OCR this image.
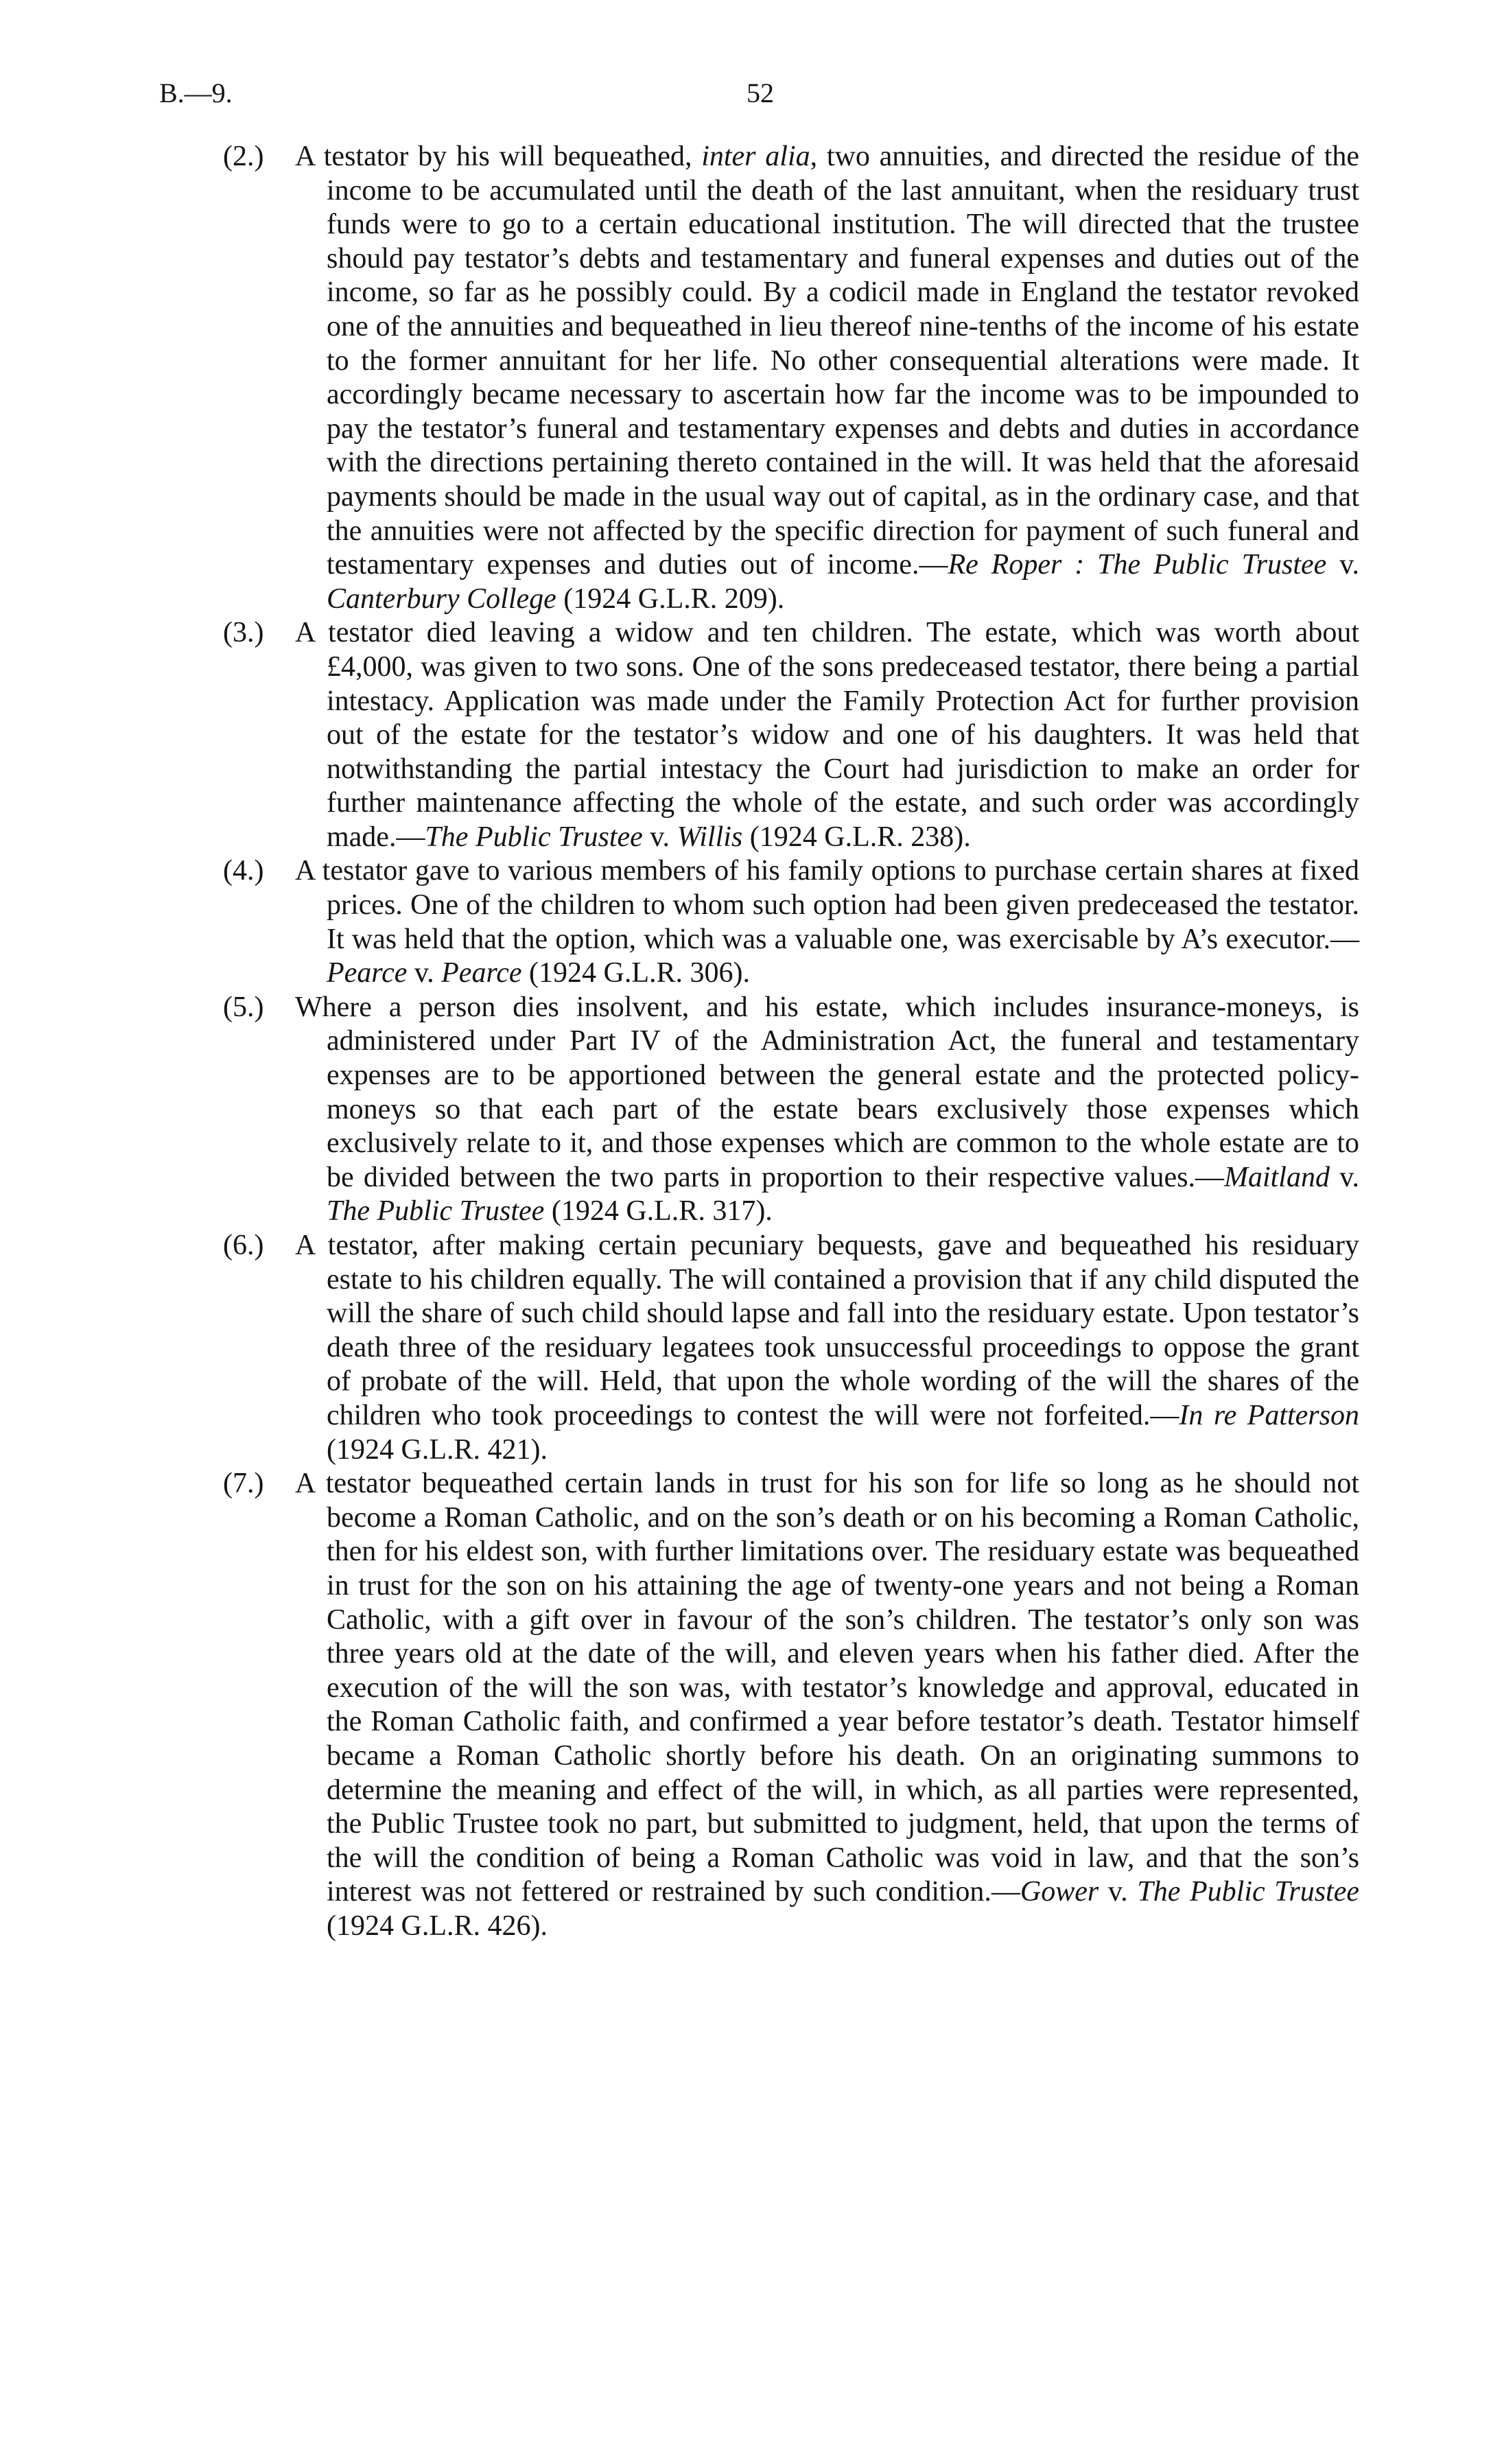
B.—9.	52
(2.)	A testator by his will bequeathed, inter alia, two annuities, and directed the residue of the income to be accumulated until the death of the last annuitant, when the residuary trust funds were to go to a certain educational institution. The will directed that the trustee should pay testator’s debts and testamentary and funeral expenses and duties out of the income, so far as he possibly could. By a codicil made in England the testator revoked one of the annuities and bequeathed in lieu thereof nine-tenths of the income of his estate to the former annuitant for her life. No other consequential alterations were made. It accordingly became necessary to ascertain how far the income was to be impounded to pay the testator’s funeral and testamentary expenses and debts and duties in accordance with the directions pertaining thereto contained in the will. It was held that the aforesaid payments should be made in the usual way out of capital, as in the ordinary case, and that the annuities were not affected by the specific direction for payment of such funeral and testamentary expenses and duties out of income.—Re Roper : The Public Trustee v. Canterbury College (1924 G.L.R. 209).
(3.)	A testator died leaving a widow and ten children. The estate, which was worth about £4,000, was given to two sons. One of the sons predeceased testator, there being a partial intestacy. Application was made under the Family Protection Act for further provision out of the estate for the testator’s widow and one of his daughters. It was held that notwithstanding the partial intestacy the Court had jurisdiction to make an order for further maintenance affecting the whole of the estate, and such order was accordingly made.—The Public Trustee v. Willis (1924 G.L.R. 238).
(4.)	A testator gave to various members of his family options to purchase certain shares at fixed prices. One of the children to whom such option had been given predeceased the testator. It was held that the option, which was a valuable one, was exercisable by A’s executor.—Pearce v. Pearce (1924 G.L.R. 306).
(5.)	Where a person dies insolvent, and his estate, which includes insurance-moneys, is administered under Part IV of the Administration Act, the funeral and testamentary expenses are to be apportioned between the general estate and the protected policy-moneys so that each part of the estate bears exclusively those expenses which exclusively relate to it, and those expenses which are common to the whole estate are to be divided between the two parts in proportion to their respective values.—Maitland v. The Public Trustee (1924 G.L.R. 317).
(6.)	A testator, after making certain pecuniary bequests, gave and bequeathed his residuary estate to his children equally. The will contained a provision that if any child disputed the will the share of such child should lapse and fall into the residuary estate. Upon testator’s death three of the residuary legatees took unsuccessful proceedings to oppose the grant of probate of the will. Held, that upon the whole wording of the will the shares of the children who took proceedings to contest the will were not forfeited.—In re Patterson (1924 G.L.R. 421).
(7.)	A testator bequeathed certain lands in trust for his son for life so long as he should not become a Roman Catholic, and on the son’s death or on his becoming a Roman Catholic, then for his eldest son, with further limitations over. The residuary estate was bequeathed in trust for the son on his attaining the age of twenty-one years and not being a Roman Catholic, with a gift over in favour of the son’s children. The testator’s only son was three years old at the date of the will, and eleven years when his father died. After the execution of the will the son was, with testator’s knowledge and approval, educated in the Roman Catholic faith, and confirmed a year before testator’s death. Testator himself became a Roman Catholic shortly before his death. On an originating summons to determine the meaning and effect of the will, in which, as all parties were represented, the Public Trustee took no part, but submitted to judgment, held, that upon the terms of the will the condition of being a Roman Catholic was void in law, and that the son’s interest was not fettered or restrained by such condition.—Gower v. The Public Trustee (1924 G.L.R. 426).
